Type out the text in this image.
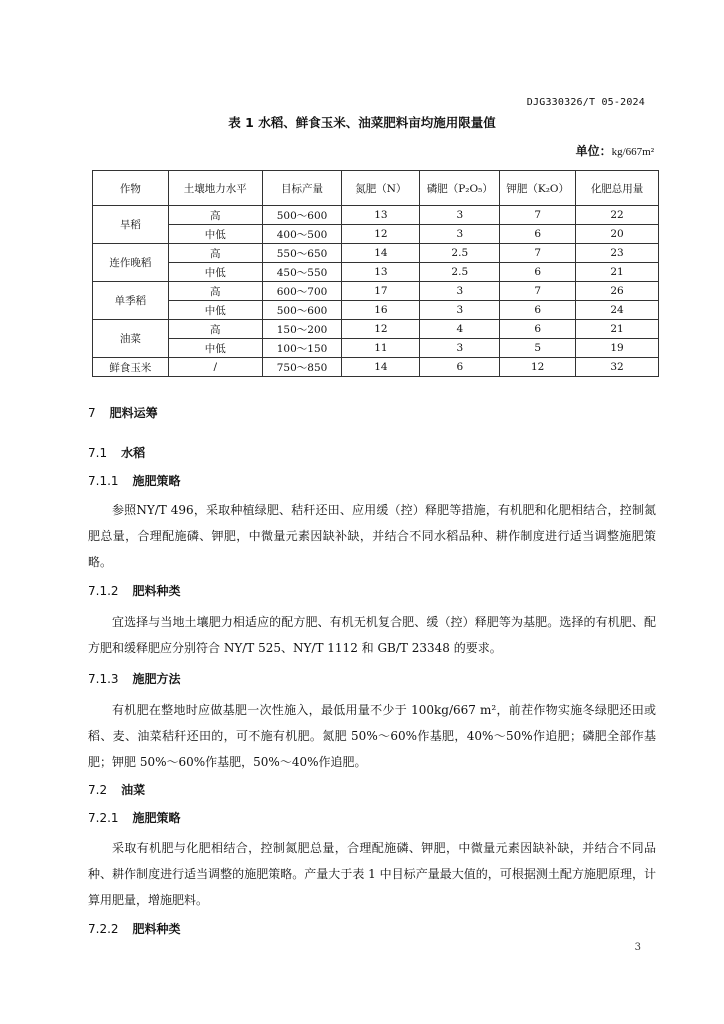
DJG330326/T 05-2024
表 1 水稻、鲜食玉米、油菜肥料亩均施用限量值
单位：kg/667m²
作物	土壤地力水平	目标产量	氮肥（N）	磷肥（P₂O₅）	钾肥（K₂O）	化肥总用量
旱稻	高	500～600	13	3	7	22
	中低	400～500	12	3	6	20
连作晚稻	高	550～650	14	2.5	7	23
	中低	450～550	13	2.5	6	21
单季稻	高	600～700	17	3	7	26
	中低	500～600	16	3	6	24
油菜	高	150～200	12	4	6	21
	中低	100～150	11	3	5	19
鲜食玉米	/	750～850	14	6	12	32
7 肥料运筹
7.1 水稻
7.1.1 施肥策略
参照NY/T 496，采取种植绿肥、秸秆还田、应用缓（控）释肥等措施，有机肥和化肥相结合，控制氮肥总量，合理配施磷、钾肥，中微量元素因缺补缺，并结合不同水稻品种、耕作制度进行适当调整施肥策略。
7.1.2 肥料种类
宜选择与当地土壤肥力相适应的配方肥、有机无机复合肥、缓（控）释肥等为基肥。选择的有机肥、配方肥和缓释肥应分别符合 NY/T 525、NY/T 1112 和 GB/T 23348 的要求。
7.1.3 施肥方法
有机肥在整地时应做基肥一次性施入，最低用量不少于 100kg/667 m²，前茬作物实施冬绿肥还田或稻、麦、油菜秸秆还田的，可不施有机肥。氮肥 50%～60%作基肥，40%～50%作追肥；磷肥全部作基肥；钾肥 50%～60%作基肥，50%～40%作追肥。
7.2 油菜
7.2.1 施肥策略
采取有机肥与化肥相结合，控制氮肥总量，合理配施磷、钾肥，中微量元素因缺补缺，并结合不同品种、耕作制度进行适当调整的施肥策略。产量大于表 1 中目标产量最大值的，可根据测土配方施肥原理，计算用肥量，增施肥料。
7.2.2 肥料种类
3
